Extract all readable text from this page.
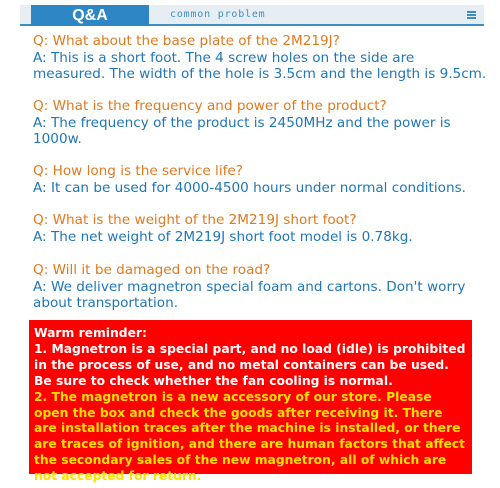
Q&A	common problem
Q: What about the base plate of the 2M219J?
A: This is a short foot. The 4 screw holes on the side are measured. The width of the hole is 3.5cm and the length is 9.5cm.
Q: What is the frequency and power of the product?
A: The frequency of the product is 2450MHz and the power is 1000w.
Q: How long is the service life?
A: It can be used for 4000-4500 hours under normal conditions.
Q: What is the weight of the 2M219J short foot?
A: The net weight of 2M219J short foot model is 0.78kg.
Q: Will it be damaged on the road?
A: We deliver magnetron special foam and cartons. Don't worry about transportation.
Warm reminder:
1. Magnetron is a special part, and no load (idle) is prohibited in the process of use, and no metal containers can be used. Be sure to check whether the fan cooling is normal.
2. The magnetron is a new accessory of our store. Please open the box and check the goods after receiving it. There are installation traces after the machine is installed, or there are traces of ignition, and there are human factors that affect the secondary sales of the new magnetron, all of which are not accepted for return.
